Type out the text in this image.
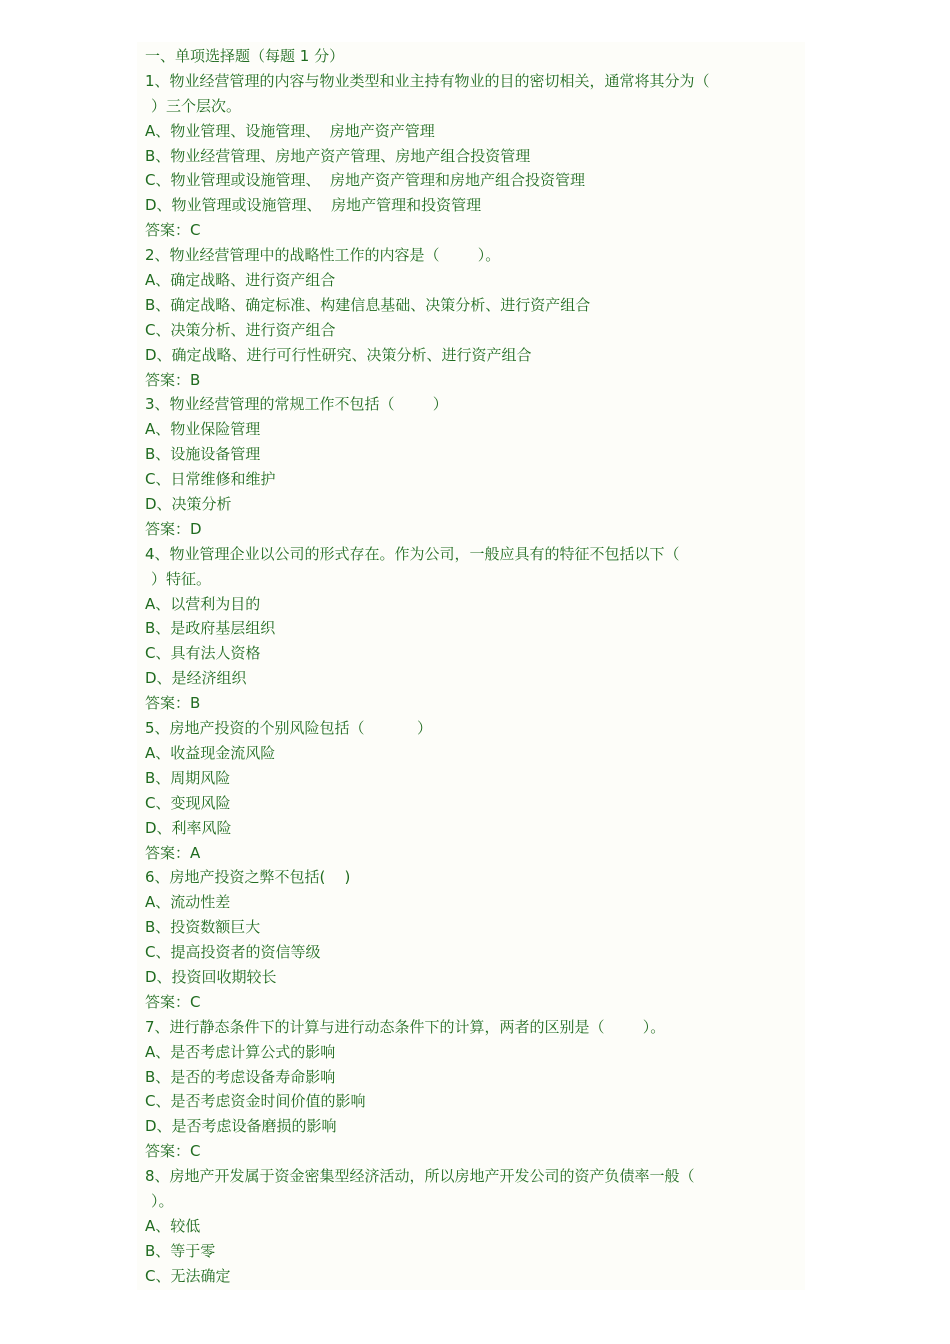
一、单项选择题（每题 1 分）
1、物业经营管理的内容与物业类型和业主持有物业的目的密切相关，通常将其分为（
）三个层次。
A、物业管理、设施管理、  房地产资产管理
B、物业经营管理、房地产资产管理、房地产组合投资管理
C、物业管理或设施管理、  房地产资产管理和房地产组合投资管理
D、物业管理或设施管理、  房地产管理和投资管理
答案：C
2、物业经营管理中的战略性工作的内容是（        ）。
A、确定战略、进行资产组合
B、确定战略、确定标准、构建信息基础、决策分析、进行资产组合
C、决策分析、进行资产组合
D、确定战略、进行可行性研究、决策分析、进行资产组合
答案：B
3、物业经营管理的常规工作不包括（        ）
A、物业保险管理
B、设施设备管理
C、日常维修和维护
D、决策分析
答案：D
4、物业管理企业以公司的形式存在。作为公司，一般应具有的特征不包括以下（
）特征。
A、以营利为目的
B、是政府基层组织
C、具有法人资格
D、是经济组织
答案：B
5、房地产投资的个别风险包括（           ）
A、收益现金流风险
B、周期风险
C、变现风险
D、利率风险
答案：A
6、房地产投资之弊不包括(    )
A、流动性差
B、投资数额巨大
C、提高投资者的资信等级
D、投资回收期较长
答案：C
7、进行静态条件下的计算与进行动态条件下的计算，两者的区别是（        ）。
A、是否考虑计算公式的影响
B、是否的考虑设备寿命影响
C、是否考虑资金时间价值的影响
D、是否考虑设备磨损的影响
答案：C
8、房地产开发属于资金密集型经济活动，所以房地产开发公司的资产负债率一般（
）。
A、较低
B、等于零
C、无法确定
